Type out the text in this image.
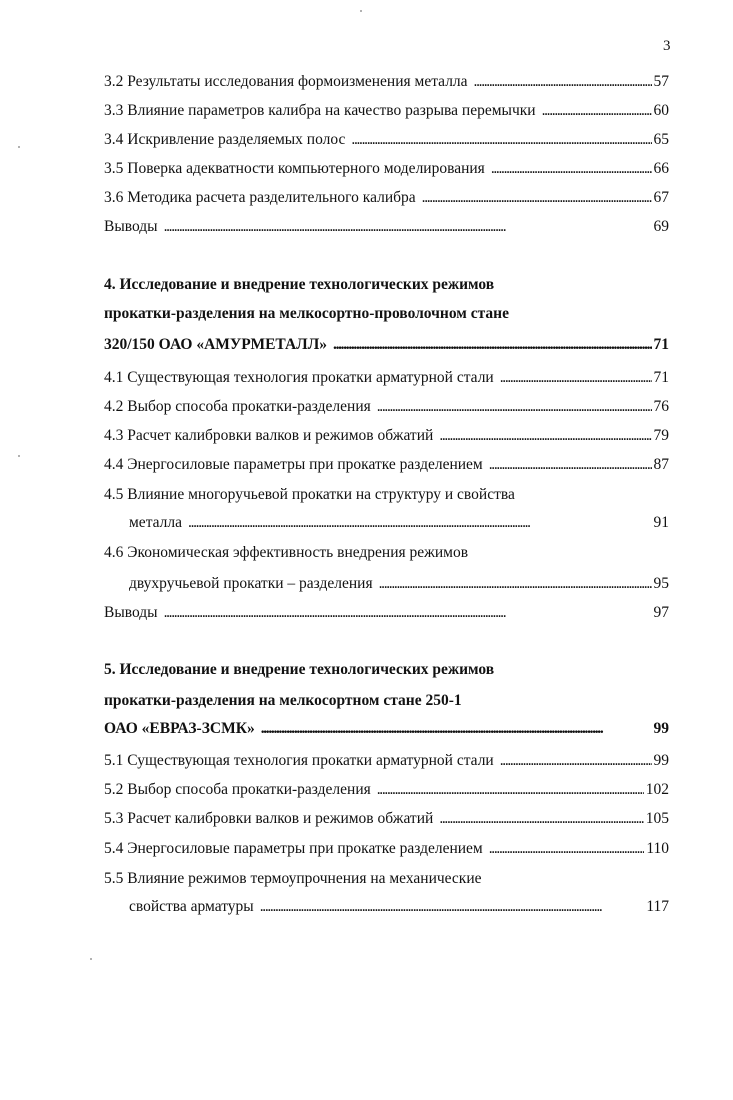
3
3.2 Результаты исследования формоизменения металла . . .	57
3.3 Влияние параметров калибра на качество разрыва перемычки . . .	60
3.4 Искривление разделяемых полос . . .	65
3.5 Поверка адекватности компьютерного моделирования . . .	66
3.6 Методика расчета разделительного калибра . . .	67
Выводы . . .	69
4. Исследование и внедрение технологических режимов
прокатки-разделения на мелкосортно-проволочном стане
320/150 ОАО «АМУРМЕТАЛЛ» . . .	71
4.1 Существующая технология прокатки арматурной стали . . .	71
4.2 Выбор способа прокатки-разделения . . .	76
4.3 Расчет калибровки валков и режимов обжатий . . .	79
4.4 Энергосиловые параметры при прокатке разделением . . .	87
4.5 Влияние многоручьевой прокатки на структуру и свойства
металла . . .	91
4.6 Экономическая эффективность внедрения режимов
двухручьевой прокатки – разделения . . .	95
Выводы . . .	97
5. Исследование и внедрение технологических режимов
прокатки-разделения на мелкосортном стане 250-1
ОАО «ЕВРАЗ-ЗСМК» . . .	99
5.1 Существующая технология прокатки арматурной стали . . .	99
5.2 Выбор способа прокатки-разделения . . .	102
5.3 Расчет калибровки валков и режимов обжатий . . .	105
5.4 Энергосиловые параметры при прокатке разделением . . .	110
5.5 Влияние режимов термоупрочнения на механические
свойства арматуры . . .	117
